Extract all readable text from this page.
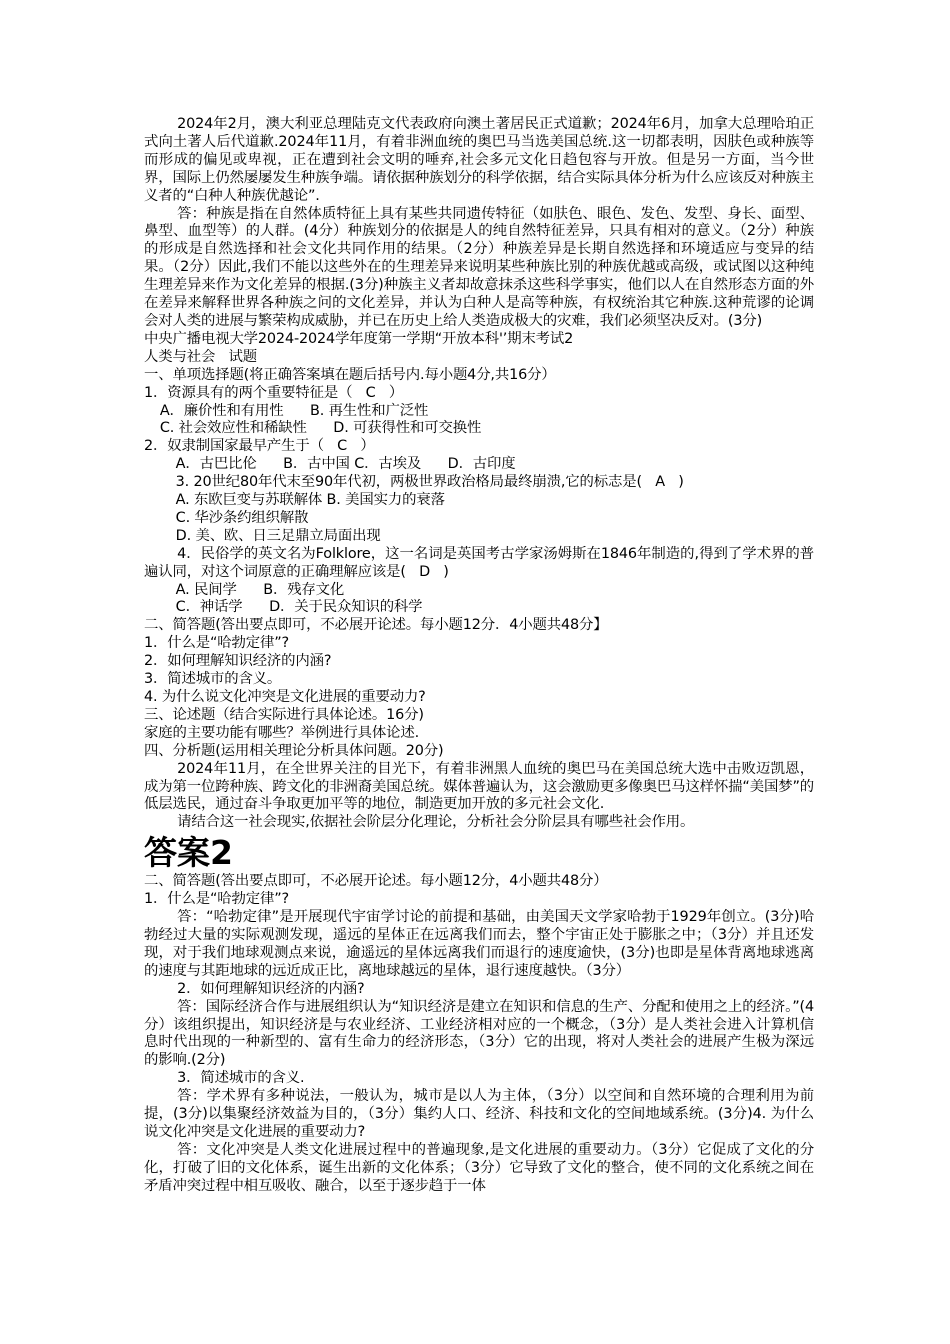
2024年2月，澳大利亚总理陆克文代表政府向澳土著居民正式道歉；2024年6月，加拿大总理哈珀正式向土著人后代道歉.2024年11月，有着非洲血统的奥巴马当选美国总统.这一切都表明，因肤色或种族等而形成的偏见或卑视，正在遭到社会文明的唾弃,社会多元文化日趋包容与开放。但是另一方面，当今世界，国际上仍然屡屡发生种族争端。请依据种族划分的科学依据，结合实际具体分析为什么应该反对种族主义者的“白种人种族优越论”.

答：种族是指在自然体质特征上具有某些共同遗传特征（如肤色、眼色、发色、发型、身长、面型、鼻型、血型等）的人群。(4分）种族划分的依据是人的纯自然特征差异，只具有相对的意义。（2分）种族的形成是自然选择和社会文化共同作用的结果。（2分）种族差异是长期自然选择和环境适应与变异的结果。（2分）因此,我们不能以这些外在的生理差异来说明某些种族比别的种族优越或高级，或试图以这种纯生理差异来作为文化差异的根据.(3分)种族主义者却故意抹杀这些科学事实，他们以人在自然形态方面的外在差异来解释世界各种族之问的文化差异，并认为白种人是高等种族，有权统治其它种族.这种荒谬的论调会对人类的进展与繁荣构成威胁，并已在历史上给人类造成极大的灾难，我们必须坚决反对。(3分)

中央广播电视大学2024-2024学年度第一学期“开放本科'’期末考试2

人类与社会   试题

一、单项选择题(将正确答案填在题后括号内.每小题4分,共16分）

1．资源具有的两个重要特征是（   C   ）

A．廉价性和有用性      B. 再生性和广泛性

C. 社会效应性和稀缺性      D. 可获得性和可交换性

2．奴隶制国家最早产生于（   C   ）

A．古巴比伦      B．古中国 C．古埃及      D．古印度

3. 20世纪80年代末至90年代初，两极世界政治格局最终崩溃,它的标志是(   A   )

A. 东欧巨变与苏联解体 B. 美国实力的衰落

C. 华沙条约组织解散

D. 美、欧、日三足鼎立局面出现

4．民俗学的英文名为Folklore，这一名词是英国考古学家汤姆斯在1846年制造的,得到了学术界的普遍认同，对这个词原意的正确理解应该是(   D   )

A. 民间学      B．残存文化

C．神话学      D．关于民众知识的科学

二、简答题(答出要点即可，不必展开论述。每小题12分．4小题共48分】

1．什么是“哈勃定律”?

2．如何理解知识经济的内涵?

3．简述城市的含义。

4. 为什么说文化冲突是文化进展的重要动力?

三、论述题（结合实际进行具体论述。16分)

家庭的主要功能有哪些？举例进行具体论述.

四、分析题(运用相关理论分析具体问题。20分)

2024年11月，在全世界关注的目光下，有着非洲黑人血统的奥巴马在美国总统大选中击败迈凯恩，成为第一位跨种族、跨文化的非洲裔美国总统。媒体普遍认为，这会激励更多像奥巴马这样怀揣“美国梦”的低层选民，通过奋斗争取更加平等的地位，制造更加开放的多元社会文化.

请结合这一社会现实,依据社会阶层分化理论，分析社会分阶层具有哪些社会作用。

答案2

二、简答题(答出要点即可，不必展开论述。每小题12分，4小题共48分）

1．什么是“哈勃定律”?

答：“哈勃定律”是开展现代宇宙学讨论的前提和基础，由美国天文学家哈勃于1929年创立。(3分)哈勃经过大量的实际观测发现，遥远的星体正在远离我们而去，整个宇宙正处于膨胀之中；（3分）并且还发现，对于我们地球观测点来说，逾遥远的星体远离我们而退行的速度逾快，(3分)也即是星体背离地球逃离的速度与其距地球的远近成正比，离地球越远的星体，退行速度越快。（3分）

2．如何理解知识经济的内涵?

答：国际经济合作与进展组织认为“知识经济是建立在知识和信息的生产、分配和使用之上的经济。”(4分）该组织提出，知识经济是与农业经济、工业经济相对应的一个概念，（3分）是人类社会进入计算机信息时代出现的一种新型的、富有生命力的经济形态，（3分）它的出现，将对人类社会的进展产生极为深远的影响.(2分)

3．简述城市的含义.

答：学术界有多种说法，一般认为，城市是以人为主体，（3分）以空间和自然环境的合理利用为前提，(3分)以集聚经济效益为目的，（3分）集约人口、经济、科技和文化的空间地域系统。(3分)4. 为什么说文化冲突是文化进展的重要动力?

答：文化冲突是人类文化进展过程中的普遍现象,是文化进展的重要动力。（3分）它促成了文化的分化，打破了旧的文化体系，诞生出新的文化体系；（3分）它导致了文化的整合，使不同的文化系统之间在矛盾冲突过程中相互吸收、融合，以至于逐步趋于一体
